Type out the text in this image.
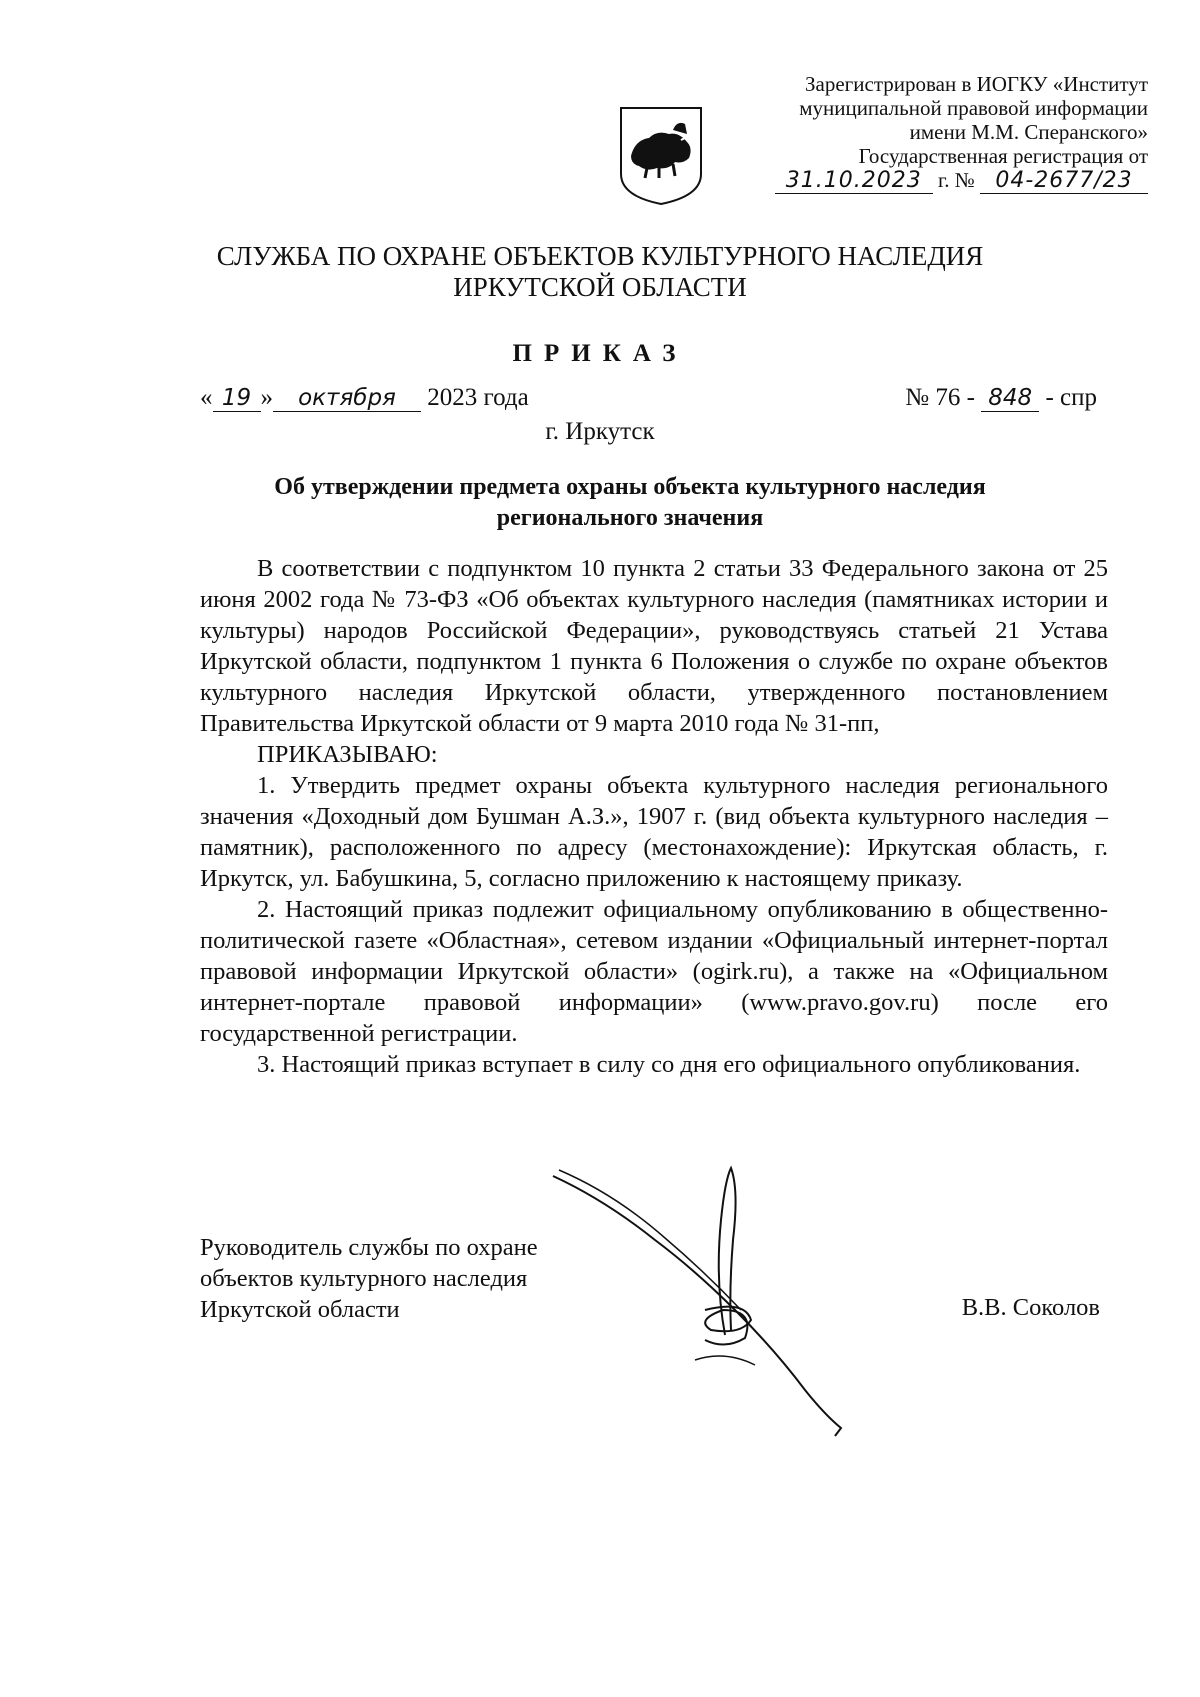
Зарегистрирован в ИОГКУ «Институт
муниципальной правовой информации
имени М.М. Сперанского»
Государственная регистрация от
31.10.2023 г. № 04-2677/23
СЛУЖБА ПО ОХРАНЕ ОБЪЕКТОВ КУЛЬТУРНОГО НАСЛЕДИЯ
ИРКУТСКОЙ ОБЛАСТИ
ПРИКАЗ
« 19 » октября 2023 года	№ 76 - 848 - спр
г. Иркутск
Об утверждении предмета охраны объекта культурного наследия
регионального значения

В соответствии с подпунктом 10 пункта 2 статьи 33 Федерального закона от 25 июня 2002 года № 73-ФЗ «Об объектах культурного наследия (памятниках истории и культуры) народов Российской Федерации», руководствуясь статьей 21 Устава Иркутской области, подпунктом 1 пункта 6 Положения о службе по охране объектов культурного наследия Иркутской области, утвержденного постановлением Правительства Иркутской области от 9 марта 2010 года № 31-пп,

ПРИКАЗЫВАЮ:

1. Утвердить предмет охраны объекта культурного наследия регионального значения «Доходный дом Бушман А.З.», 1907 г. (вид объекта культурного наследия – памятник), расположенного по адресу (местонахождение): Иркутская область, г. Иркутск, ул. Бабушкина, 5, согласно приложению к настоящему приказу.

2. Настоящий приказ подлежит официальному опубликованию в общественно-политической газете «Областная», сетевом издании «Официальный интернет-портал правовой информации Иркутской области» (ogirk.ru), а также на «Официальном интернет-портале правовой информации» (www.pravo.gov.ru) после его государственной регистрации.

3. Настоящий приказ вступает в силу со дня его официального опубликования.

Руководитель службы по охране
объектов культурного наследия
Иркутской области	В.В. Соколов
